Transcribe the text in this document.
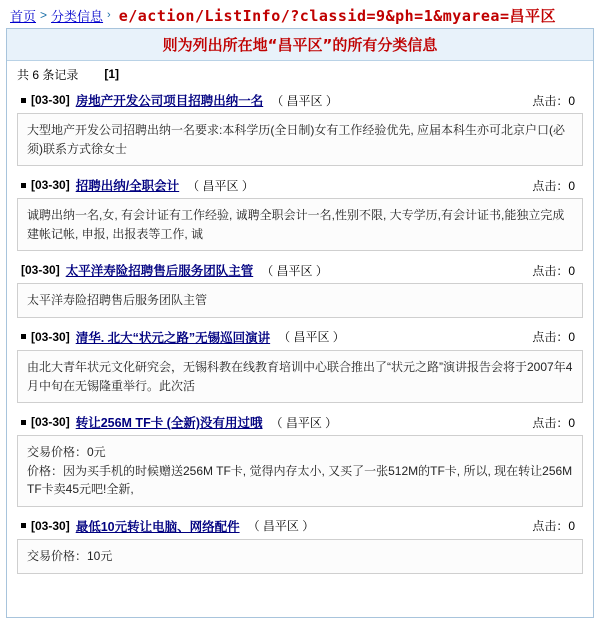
首页 > 分类信息 › e/action/ListInfo/?classid=9&ph=1&myarea=昌平区
则为列出所在地“昌平区”的所有分类信息
共 6 条记录 [1]
[03-30] 房地产开发公司项目招聘出纳一名 （ 昌平区 ）	点击：0
大型地产开发公司招聘出纳一名要求:本科学历(全日制)女有工作经验优先, 应届本科生亦可北京户口(必须)联系方式徐女士
[03-30] 招聘出纳/全职会计 （ 昌平区 ）	点击：0
诚聘出纳一名,女, 有会计证有工作经验, 诚聘全职会计一名,性别不限, 大专学历,有会计证书,能独立完成建帐记帐, 申报, 出报表等工作, 诚
[03-30] 太平洋寿险招聘售后服务团队主管 （ 昌平区 ）	点击：0
太平洋寿险招聘售后服务团队主管
[03-30] 清华. 北大“状元之路”无锡巡回演讲 （ 昌平区 ）	点击：0
由北大青年状元文化研究会，无锡科教在线教育培训中心联合推出了“状元之路”演讲报告会将于2007年4月中旬在无锡隆重举行。此次活
[03-30] 转让256M TF卡 (全新)没有用过哦 （ 昌平区 ）	点击：0
交易价格：0元
价格：因为买手机的时候赠送256M TF卡, 觉得内存太小, 又买了一张512M的TF卡, 所以, 现在转让256M TF卡卖45元吧!全新,
[03-30] 最低10元转让电脑、网络配件 （ 昌平区 ）	点击：0
交易价格：10元
